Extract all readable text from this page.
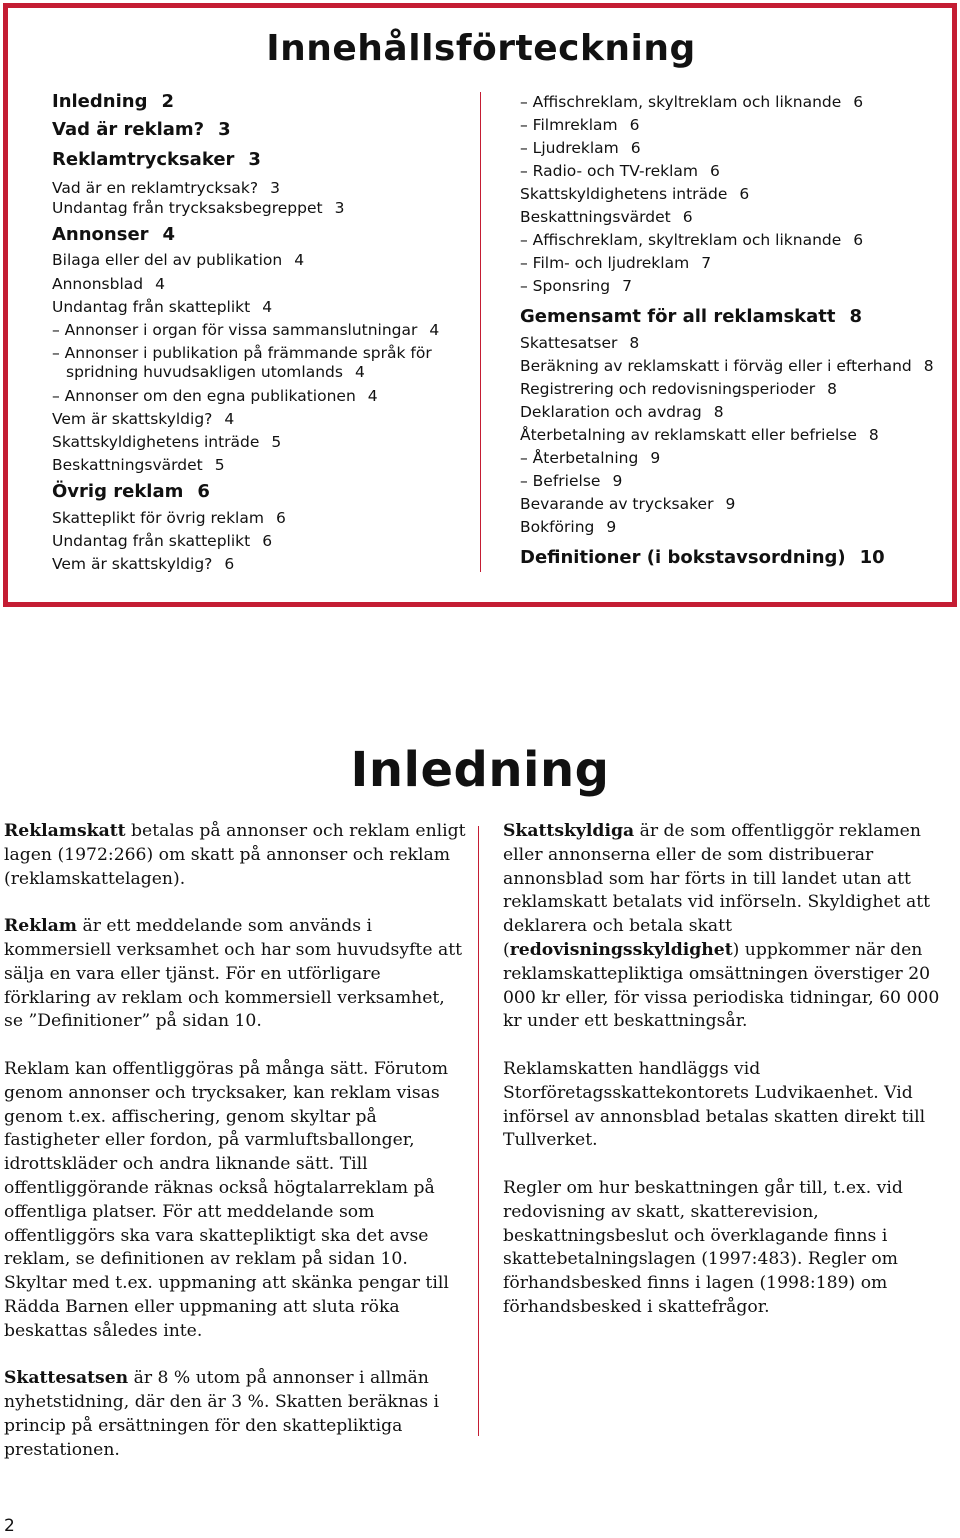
Innehållsförteckning
Inledning 2
Vad är reklam? 3
Reklamtrycksaker 3
Vad är en reklamtrycksak? 3
Undantag från trycksaksbegreppet 3
Annonser 4
Bilaga eller del av publikation 4
Annonsblad 4
Undantag från skatteplikt 4
– Annonser i organ för vissa sammanslutningar 4
– Annonser i publikation på främmande språk för
spridning huvudsakligen utomlands 4
– Annonser om den egna publikationen 4
Vem är skattskyldig? 4
Skattskyldighetens inträde 5
Beskattningsvärdet 5
Övrig reklam 6
Skatteplikt för övrig reklam 6
Undantag från skatteplikt 6
Vem är skattskyldig? 6
– Affischreklam, skyltreklam och liknande 6
– Filmreklam 6
– Ljudreklam 6
– Radio- och TV-reklam 6
Skattskyldighetens inträde 6
Beskattningsvärdet 6
– Affischreklam, skyltreklam och liknande 6
– Film- och ljudreklam 7
– Sponsring 7
Gemensamt för all reklamskatt 8
Skattesatser 8
Beräkning av reklamskatt i förväg eller i efterhand 8
Registrering och redovisningsperioder 8
Deklaration och avdrag 8
Återbetalning av reklamskatt eller befrielse 8
– Återbetalning 9
– Befrielse 9
Bevarande av trycksaker 9
Bokföring 9
Definitioner (i bokstavsordning) 10
Inledning

Reklamskatt betalas på annonser och reklam enligt lagen (1972:266) om skatt på annonser och reklam (reklamskattelagen).

Reklam är ett meddelande som används i kommersiell verksamhet och har som huvudsyfte att sälja en vara eller tjänst. För en utförligare förklaring av reklam och kommersiell verksamhet, se ”Definitioner” på sidan 10.

Reklam kan offentliggöras på många sätt. Förutom genom annonser och trycksaker, kan reklam visas genom t.ex. affischering, genom skyltar på fastigheter eller fordon, på varmluftsballonger, idrottskläder och andra liknande sätt. Till offentliggörande räknas också högtalarreklam på offentliga platser. För att meddelande som offentliggörs ska vara skattepliktigt ska det avse reklam, se definitionen av reklam på sidan 10. Skyltar med t.ex. uppmaning att skänka pengar till Rädda Barnen eller uppmaning att sluta röka beskattas således inte.

Skattesatsen är 8 % utom på annonser i allmän nyhetstidning, där den är 3 %. Skatten beräknas i princip på ersättningen för den skattepliktiga prestationen.

Skattskyldiga är de som offentliggör reklamen eller annonserna eller de som distribuerar annonsblad som har förts in till landet utan att reklamskatt betalats vid införseln. Skyldighet att deklarera och betala skatt (redovisningsskyldighet) uppkommer när den reklamskattepliktiga omsättningen överstiger 20 000 kr eller, för vissa periodiska tidningar, 60 000 kr under ett beskattningsår.

Reklamskatten handläggs vid Storföretagsskattekontorets Ludvikaenhet. Vid införsel av annonsblad betalas skatten direkt till Tullverket.

Regler om hur beskattningen går till, t.ex. vid redovisning av skatt, skatterevision, beskattningsbeslut och överklagande finns i skattebetalningslagen (1997:483). Regler om förhandsbesked finns i lagen (1998:189) om förhandsbesked i skattefrågor.

2
